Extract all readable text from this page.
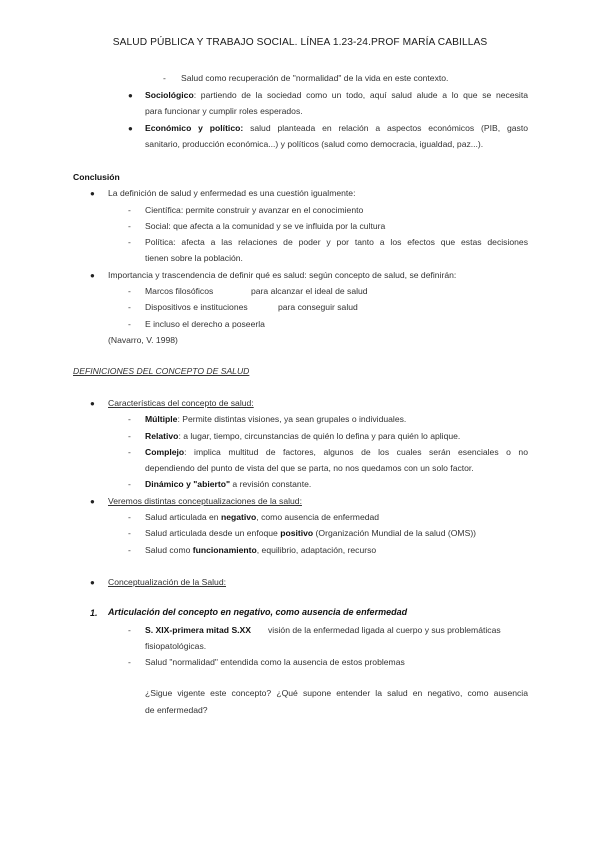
SALUD PÚBLICA Y TRABAJO SOCIAL. LÍNEA 1.23-24.PROF MARÍA CABILLAS
- Salud como recuperación de "normalidad" de la vida en este contexto.
● Sociológico: partiendo de la sociedad como un todo, aquí salud alude a lo que se necesita
para funcionar y cumplir roles esperados.
● Económico y político: salud planteada en relación a aspectos económicos (PIB, gasto
sanitario, producción económica...) y políticos (salud como democracia, igualdad, paz...).
Conclusión
● La definición de salud y enfermedad es una cuestión igualmente:
- Científica: permite construir y avanzar en el conocimiento
- Social: que afecta a la comunidad y se ve influida por la cultura
- Política: afecta a las relaciones de poder y por tanto a los efectos que estas decisiones
tienen sobre la población.
● Importancia y trascendencia de definir qué es salud: según concepto de salud, se definirán:
- Marcos filosóficos	para alcanzar el ideal de salud
- Dispositivos e instituciones	para conseguir salud
- E incluso el derecho a poseerla
(Navarro, V. 1998)
DEFINICIONES DEL CONCEPTO DE SALUD
● Características del concepto de salud:
- Múltiple: Permite distintas visiones, ya sean grupales o individuales.
- Relativo: a lugar, tiempo, circunstancias de quién lo defina y para quién lo aplique.
- Complejo: implica multitud de factores, algunos de los cuales serán esenciales o no
dependiendo del punto de vista del que se parta, no nos quedamos con un solo factor.
- Dinámico y "abierto" a revisión constante.
● Veremos distintas conceptualizaciones de la salud:
- Salud articulada en negativo, como ausencia de enfermedad
- Salud articulada desde un enfoque positivo (Organización Mundial de la salud (OMS))
- Salud como funcionamiento, equilibrio, adaptación, recurso
● Conceptualización de la Salud:
1. Articulación del concepto en negativo, como ausencia de enfermedad
- S. XIX-primera mitad S.XX visión de la enfermedad ligada al cuerpo y sus problemáticas
fisiopatológicas.
- Salud "normalidad" entendida como la ausencia de estos problemas
¿Sigue vigente este concepto? ¿Qué supone entender la salud en negativo, como ausencia
de enfermedad?
